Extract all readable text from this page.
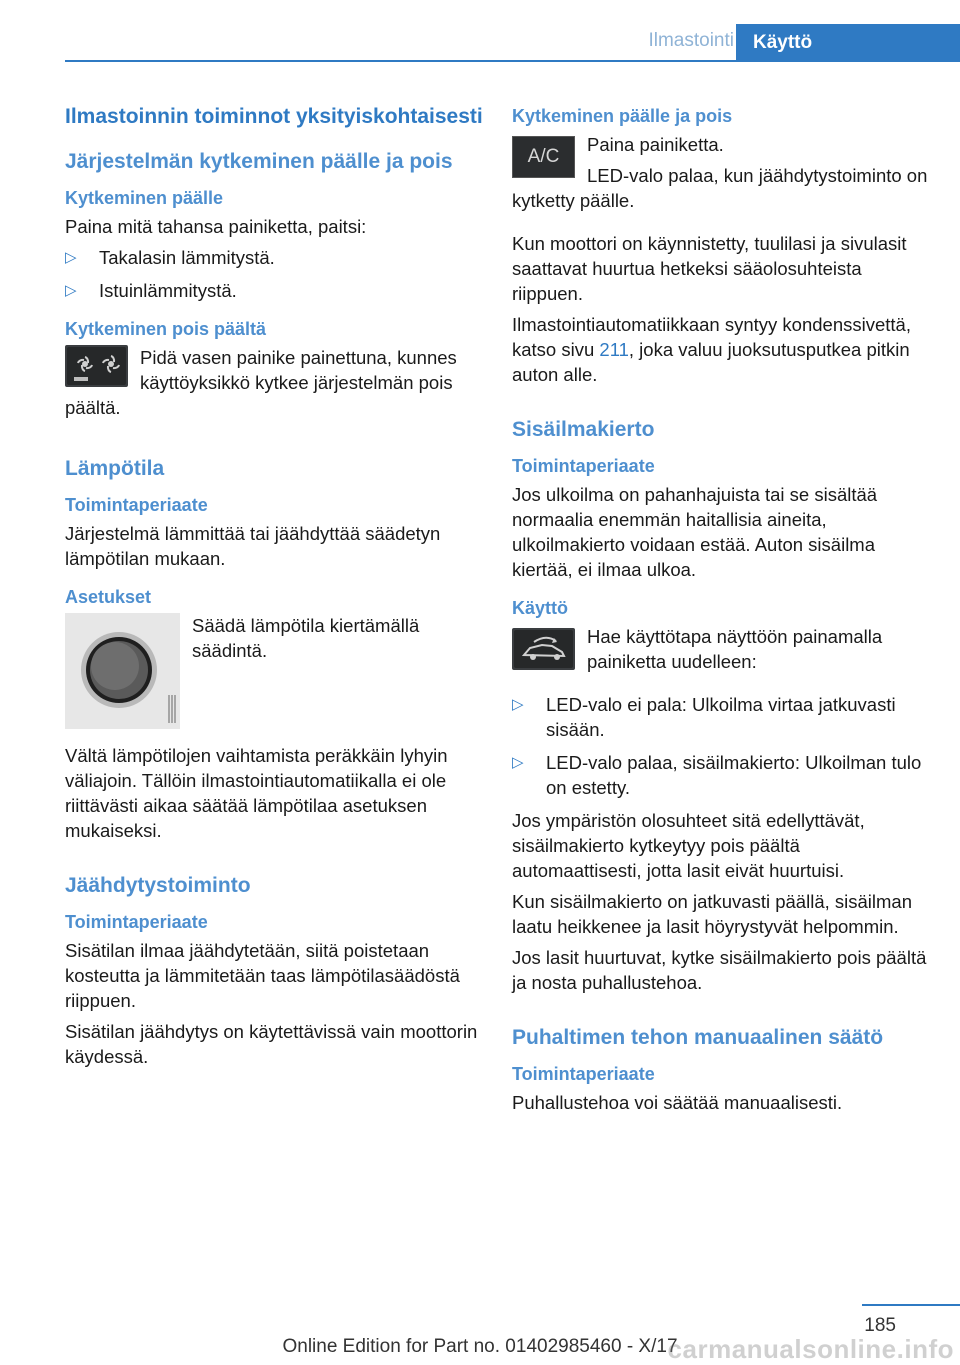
Ilmastointi	Käyttö
Ilmastoinnin toiminnot yksityiskohtaisesti
Järjestelmän kytkeminen päälle ja pois
Kytkeminen päälle

Paina mitä tahansa painiketta, paitsi:

▷ Takalasin lämmitystä.
▷ Istuinlämmitystä.
Kytkeminen pois päältä

Pidä vasen painike painettuna, kunnes käyttöyksikkö kytkee järjestelmän pois päältä.

Lämpötila
Toimintaperiaate

Järjestelmä lämmittää tai jäähdyttää säädetyn lämpötilan mukaan.

Asetukset

Säädä lämpötila kiertämällä säädintä.

Vältä lämpötilojen vaihtamista peräkkäin lyhyin väliajoin. Tällöin ilmastointiautomatiikalla ei ole riittävästi aikaa säätää lämpötilaa asetuksen mukaiseksi.

Jäähdytystoiminto
Toimintaperiaate

Sisätilan ilmaa jäähdytetään, siitä poistetaan kosteutta ja lämmitetään taas lämpötilasäädöstä riippuen.

Sisätilan jäähdytys on käytettävissä vain moottorin käydessä.

Kytkeminen päälle ja pois
A/C

Paina painiketta.

LED-valo palaa, kun jäähdytystoiminto on kytketty päälle.

Kun moottori on käynnistetty, tuulilasi ja sivulasit saattavat huurtua hetkeksi sääolosuhteista riippuen.

Ilmastointiautomatiikkaan syntyy kondenssivettä, katso sivu 211, joka valuu juoksutusputkea pitkin auton alle.

Sisäilmakierto
Toimintaperiaate

Jos ulkoilma on pahanhajuista tai se sisältää normaalia enemmän haitallisia aineita, ulkoilmakierto voidaan estää. Auton sisäilma kiertää, ei ilmaa ulkoa.

Käyttö

Hae käyttötapa näyttöön painamalla painiketta uudelleen:

▷ LED-valo ei pala: Ulkoilma virtaa jatkuvasti sisään.
▷ LED-valo palaa, sisäilmakierto: Ulkoilman tulo on estetty.

Jos ympäristön olosuhteet sitä edellyttävät, sisäilmakierto kytkeytyy pois päältä automaattisesti, jotta lasit eivät huurtuisi.

Kun sisäilmakierto on jatkuvasti päällä, sisäilman laatu heikkenee ja lasit höyrystyvät helpommin.

Jos lasit huurtuvat, kytke sisäilmakierto pois päältä ja nosta puhallustehoa.

Puhaltimen tehon manuaalinen säätö
Toimintaperiaate

Puhallustehoa voi säätää manuaalisesti.

185
Online Edition for Part no. 01402985460 - X/17
carmanualsonline.info
